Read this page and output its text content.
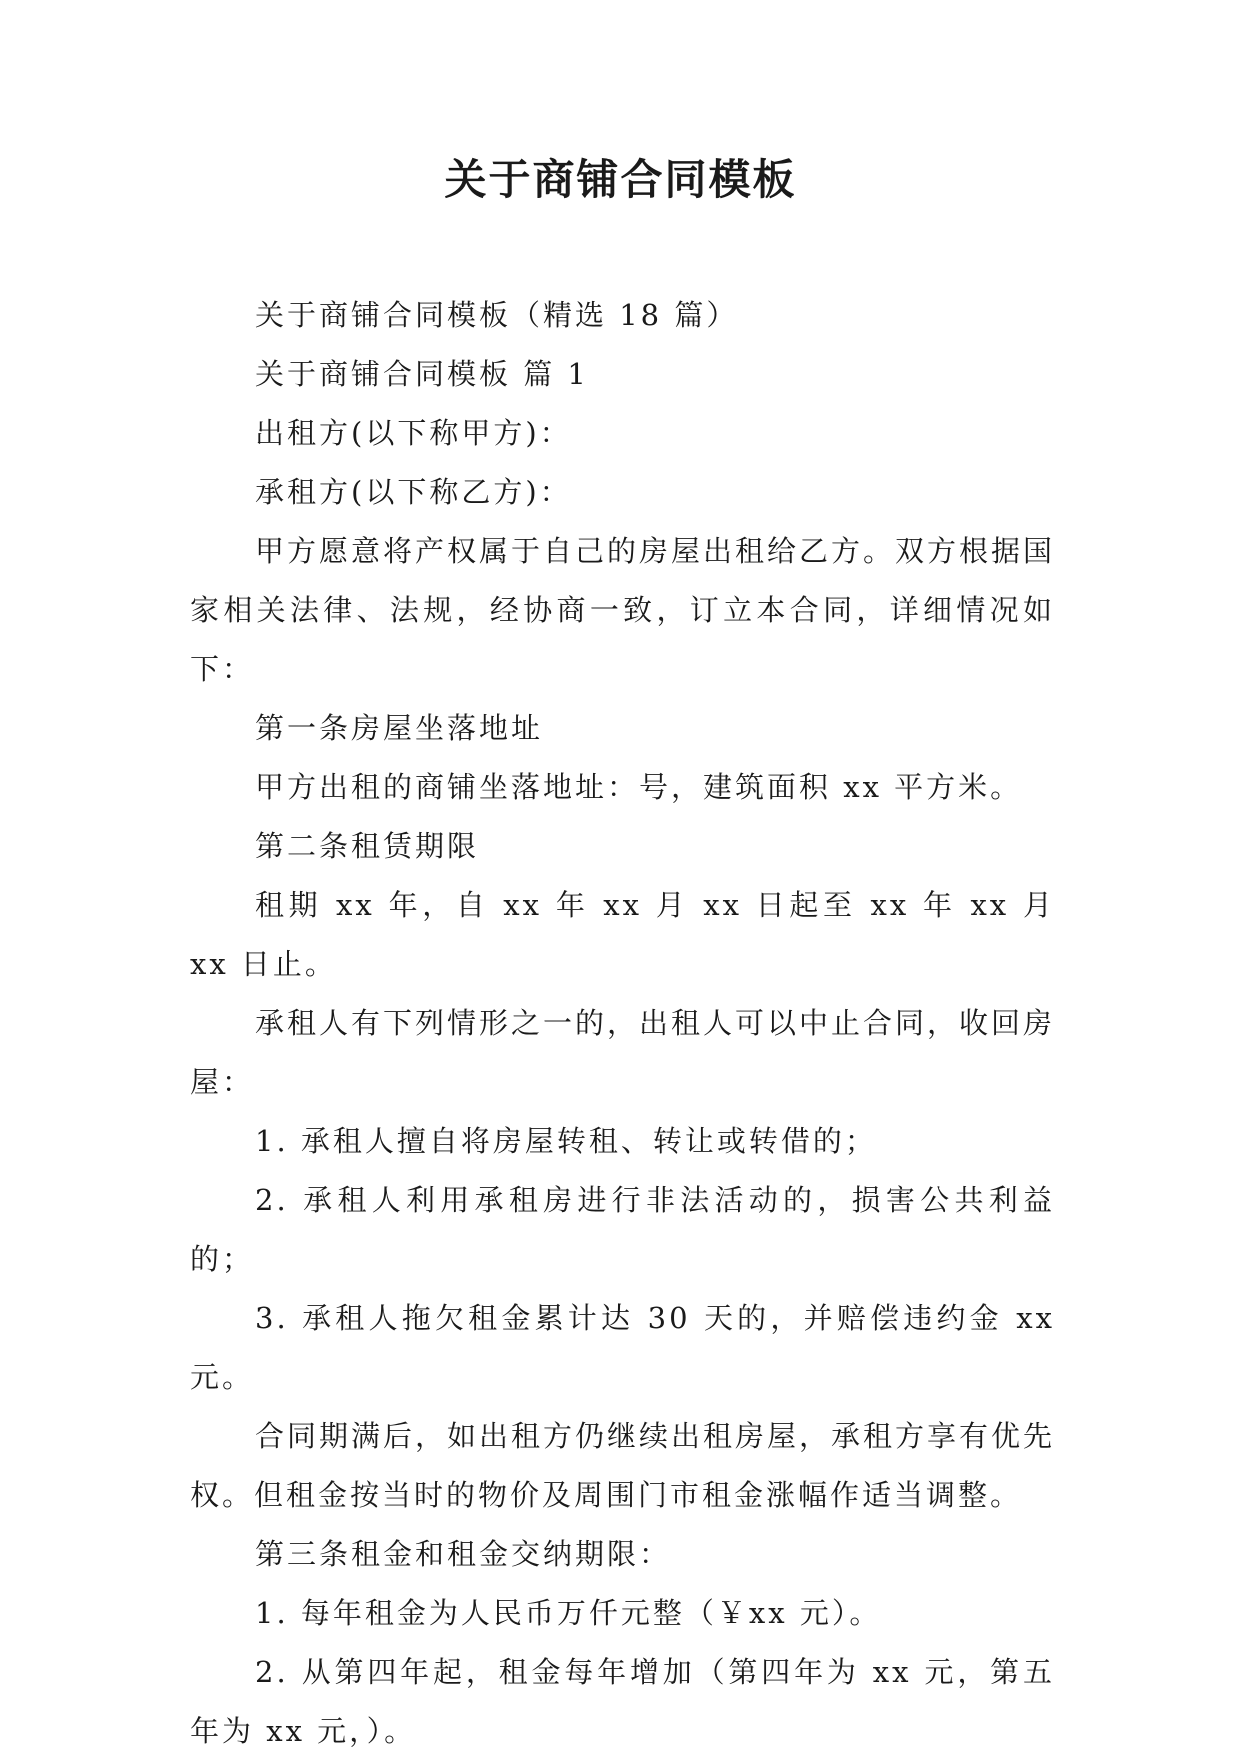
关于商铺合同模板

关于商铺合同模板（精选 18 篇）

关于商铺合同模板 篇 1

出租方(以下称甲方)：

承租方(以下称乙方)：

甲方愿意将产权属于自己的房屋出租给乙方。双方根据国家相关法律、法规，经协商一致，订立本合同，详细情况如下：

第一条房屋坐落地址

甲方出租的商铺坐落地址：号，建筑面积 xx 平方米。

第二条租赁期限

租期 xx 年，自 xx 年 xx 月 xx 日起至 xx 年 xx 月 xx 日止。

承租人有下列情形之一的，出租人可以中止合同，收回房屋：

1. 承租人擅自将房屋转租、转让或转借的；

2. 承租人利用承租房进行非法活动的，损害公共利益的；

3. 承租人拖欠租金累计达 30 天的，并赔偿违约金 xx 元。

合同期满后，如出租方仍继续出租房屋，承租方享有优先权。但租金按当时的物价及周围门市租金涨幅作适当调整。

第三条租金和租金交纳期限：

1. 每年租金为人民币万仟元整（￥xx 元）。

2. 从第四年起，租金每年增加（第四年为 xx 元，第五年为 xx 元，）。
